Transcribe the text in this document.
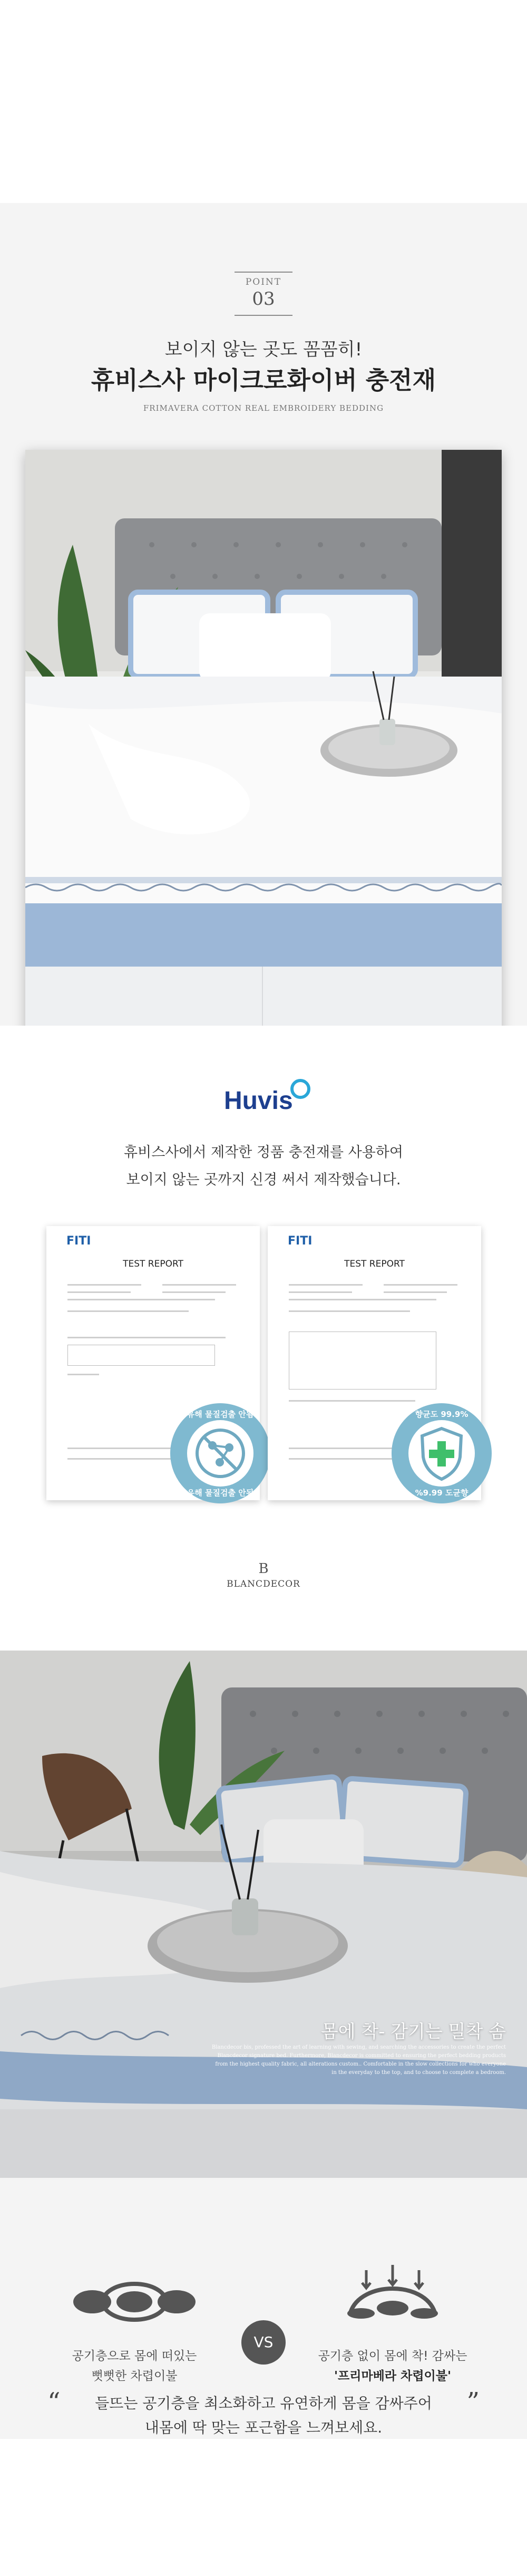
POINT
03
보이지 않는 곳도 꼼꼼히!
휴비스사 마이크로화이버 충전재
FRIMAVERA COTTON REAL EMBROIDERY BEDDING
Huvis
휴비스사에서 제작한 정품 충전재를 사용하여
보이지 않는 곳까지 신경 써서 제작했습니다.
FITI
TEST REPORT
유해 물질검출 안됨
유해 물질검출 안됨
FITI
TEST REPORT
향균도 99.9%
%9.99 도균향
B
BLANCDECOR
몸에 착- 감기는 밀착 솜
Blancdecor bis, professed the art of learning with sewing, and searching the accessories to create the perfect Blancdecor signature bed. Furthermore, Blancdecor is committed to ensuring the perfect bedding products from the highest quality fabric, all alterations custom.. Comfortable in the slow collections for who everyone in the everyday to the top, and to choose to complete a bedroom.
공기층으로 몸에 떠있는
뻣뻣한 차렵이불
VS
공기층 없이 몸에 착! 감싸는
'프리마베라 차렵이불'
“	들뜨는 공기층을 최소화하고 유연하게 몸을 감싸주어
내몸에 딱 맞는 포근함을 느껴보세요.
”
